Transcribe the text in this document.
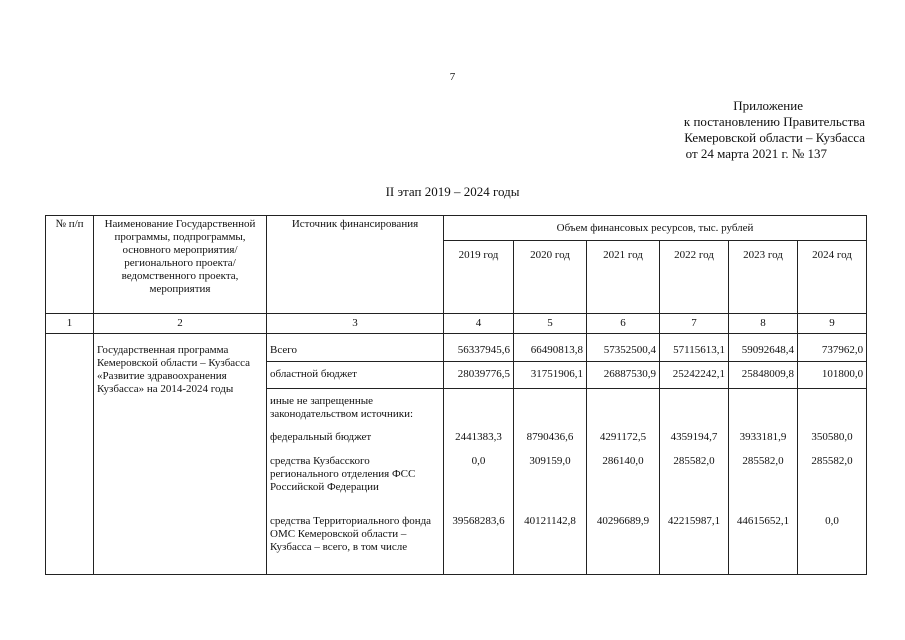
7
Приложение
к постановлению Правительства
Кемеровской области – Кузбасса
от 24 марта 2021 г. № 137
II этап 2019 – 2024 годы
№ п/п	Наименование Государственной программы, подпрограммы, основного мероприятия/регионального проекта/ведомственного проекта, мероприятия	Источник финансирования	Объем финансовых ресурсов, тыс. рублей					
			2019 год	2020 год	2021 год	2022 год	2023 год	2024 год
1	2	3	4	5	6	7	8	9
	Государственная программа Кемеровской области – Кузбасса «Развитие здравоохранения Кузбасса» на 2014-2024 годы							
		Всего	56337945,6	66490813,8	57352500,4	57115613,1	59092648,4	737962,0
		областной бюджет	28039776,5	31751906,1	26887530,9	25242242,1	25848009,8	101800,0
		иные не запрещенные законодательством источники:						
		федеральный бюджет	2441383,3	8790436,6	4291172,5	4359194,7	3933181,9	350580,0
		средства Кузбасского регионального отделения ФСС Российской Федерации	0,0	309159,0	286140,0	285582,0	285582,0	285582,0
		средства Территориального фонда ОМС Кемеровской области – Кузбасса – всего, в том числе	39568283,6	40121142,8	40296689,9	42215987,1	44615652,1	0,0
